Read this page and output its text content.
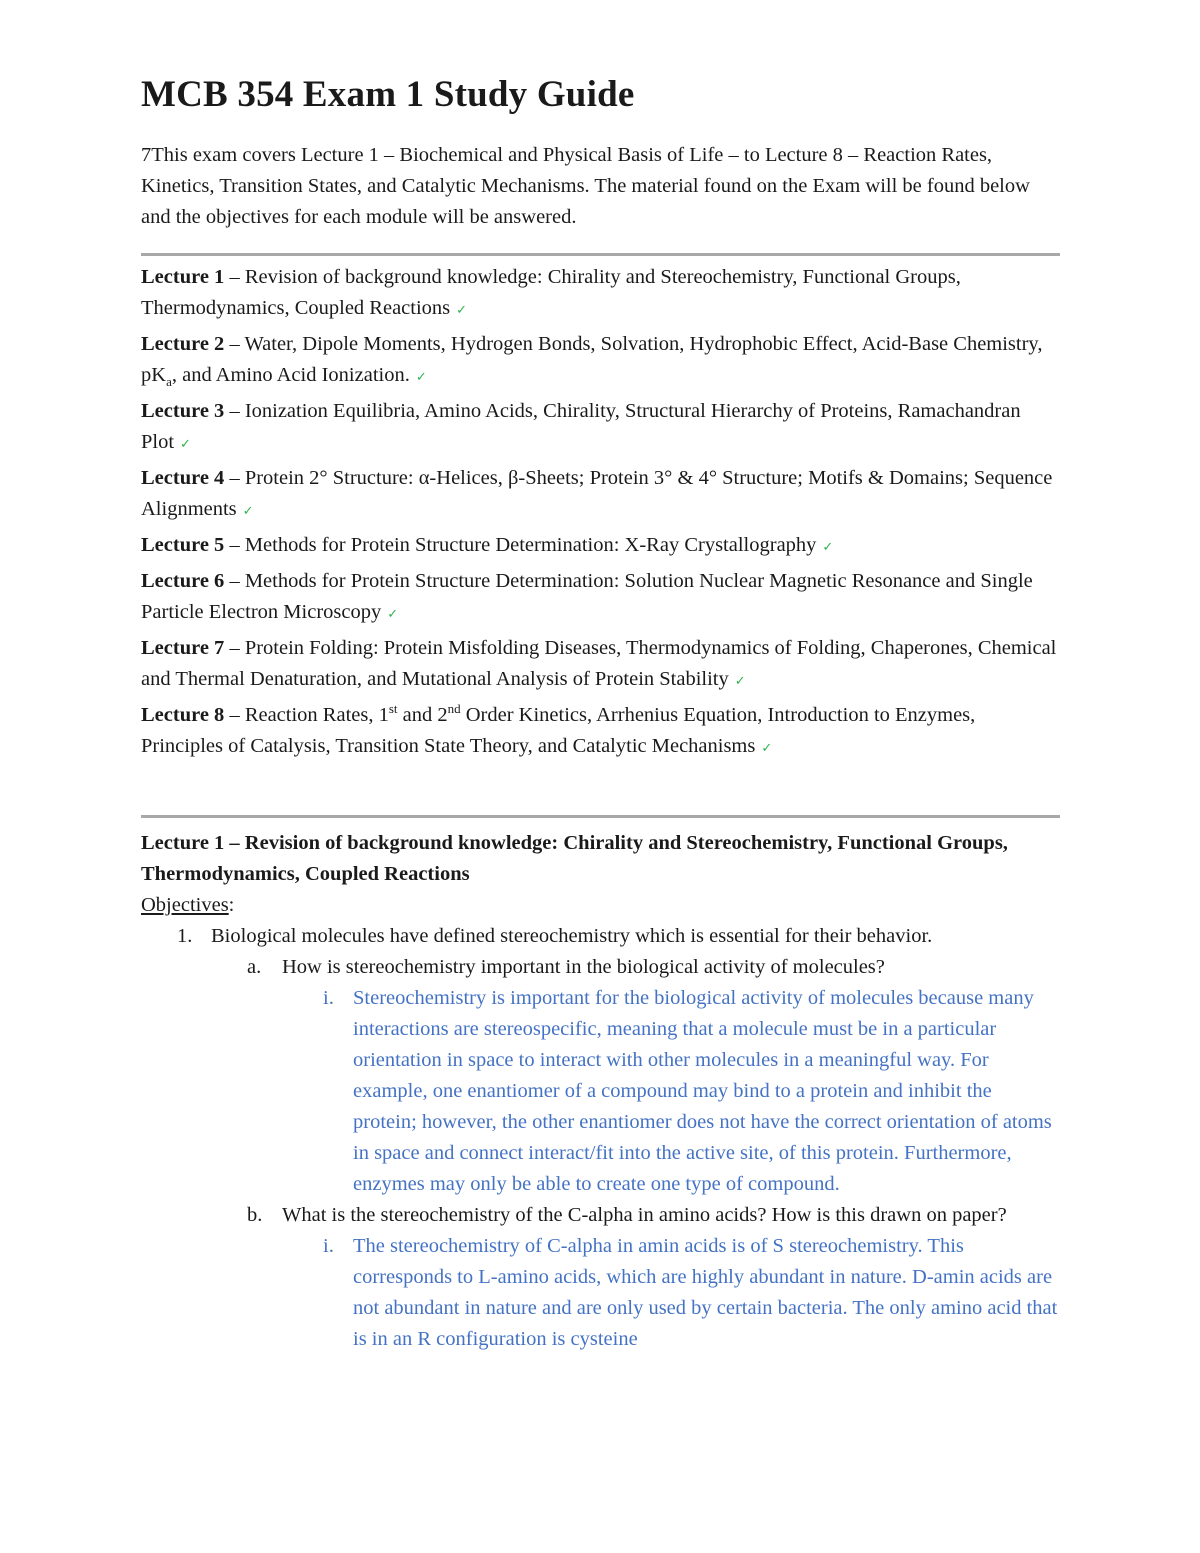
MCB 354 Exam 1 Study Guide

7This exam covers Lecture 1 – Biochemical and Physical Basis of Life – to Lecture 8 – Reaction Rates, Kinetics, Transition States, and Catalytic Mechanisms. The material found on the Exam will be found below and the objectives for each module will be answered.

Lecture 1 – Revision of background knowledge: Chirality and Stereochemistry, Functional Groups, Thermodynamics, Coupled Reactions ✓
Lecture 2 – Water, Dipole Moments, Hydrogen Bonds, Solvation, Hydrophobic Effect, Acid-Base Chemistry, $pK_a$, and Amino Acid Ionization. ✓
Lecture 3 – Ionization Equilibria, Amino Acids, Chirality, Structural Hierarchy of Proteins, Ramachandran Plot ✓
Lecture 4 – Protein 2° Structure: α-Helices, β-Sheets; Protein 3° & 4° Structure; Motifs & Domains; Sequence Alignments ✓
Lecture 5 – Methods for Protein Structure Determination: X-Ray Crystallography ✓
Lecture 6 – Methods for Protein Structure Determination: Solution Nuclear Magnetic Resonance and Single Particle Electron Microscopy ✓
Lecture 7 – Protein Folding: Protein Misfolding Diseases, Thermodynamics of Folding, Chaperones, Chemical and Thermal Denaturation, and Mutational Analysis of Protein Stability ✓
Lecture 8 – Reaction Rates, 1st and 2nd Order Kinetics, Arrhenius Equation, Introduction to Enzymes, Principles of Catalysis, Transition State Theory, and Catalytic Mechanisms ✓

Lecture 1 – Revision of background knowledge: Chirality and Stereochemistry, Functional Groups, Thermodynamics, Coupled Reactions

Objectives:

1. Biological molecules have defined stereochemistry which is essential for their behavior.
a. How is stereochemistry important in the biological activity of molecules?
i. Stereochemistry is important for the biological activity of molecules because many interactions are stereospecific, meaning that a molecule must be in a particular orientation in space to interact with other molecules in a meaningful way. For example, one enantiomer of a compound may bind to a protein and inhibit the protein; however, the other enantiomer does not have the correct orientation of atoms in space and connect interact/fit into the active site, of this protein. Furthermore, enzymes may only be able to create one type of compound.
b. What is the stereochemistry of the C-alpha in amino acids? How is this drawn on paper?
i. The stereochemistry of C-alpha in amin acids is of S stereochemistry. This corresponds to L-amino acids, which are highly abundant in nature. D-amin acids are not abundant in nature and are only used by certain bacteria. The only amino acid that is in an R configuration is cysteine
